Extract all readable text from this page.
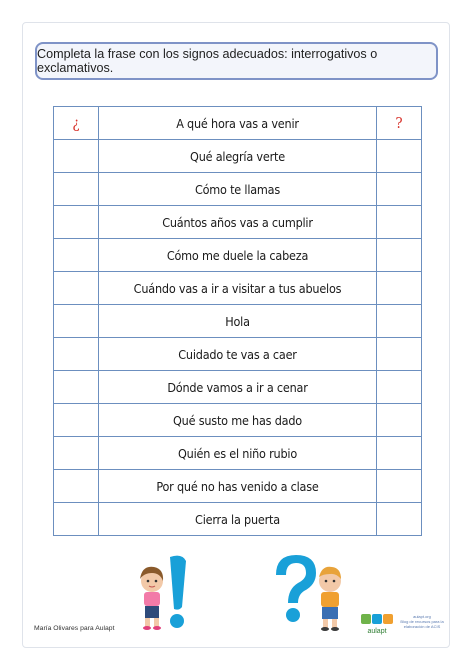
Completa la frase con los signos adecuados: interrogativos o exclamativos.
¿	A qué hora vas a venir	?
	Qué alegría verte	
	Cómo te llamas	
	Cuántos años vas a cumplir	
	Cómo me duele la cabeza	
	Cuándo vas a ir a visitar a tus abuelos	
	Hola	
	Cuidado te vas a caer	
	Dónde vamos a ir a cenar	
	Qué susto me has dado	
	Quién es el niño rubio	
	Por qué no has venido a clase	
	Cierra la puerta	
María Olivares para Aulapt	aulapt
aulapt.org
Blog de recursos para la
elaboración de ACIS
